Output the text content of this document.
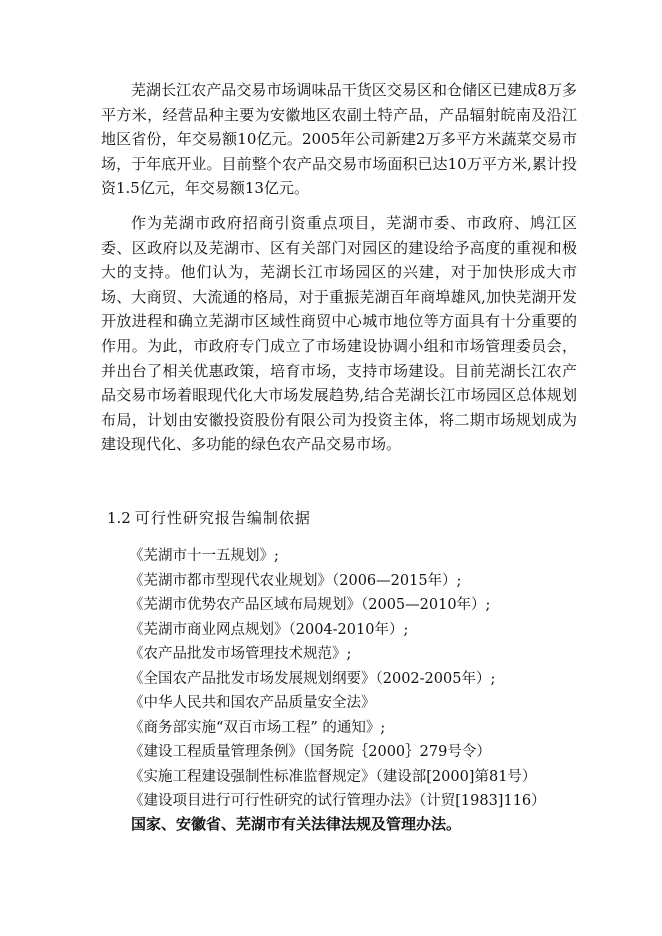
芜湖长江农产品交易市场调味品干货区交易区和仓储区已建成8万多平方米，经营品种主要为安徽地区农副土特产品，产品辐射皖南及沿江地区省份，年交易额10亿元。2005年公司新建2万多平方米蔬菜交易市场，于年底开业。目前整个农产品交易市场面积已达10万平方米,累计投资1.5亿元，年交易额13亿元。

作为芜湖市政府招商引资重点项目，芜湖市委、市政府、鸠江区委、区政府以及芜湖市、区有关部门对园区的建设给予高度的重视和极大的支持。他们认为，芜湖长江市场园区的兴建，对于加快形成大市场、大商贸、大流通的格局，对于重振芜湖百年商埠雄风,加快芜湖开发开放进程和确立芜湖市区域性商贸中心城市地位等方面具有十分重要的作用。为此，市政府专门成立了市场建设协调小组和市场管理委员会，并出台了相关优惠政策，培育市场，支持市场建设。目前芜湖长江农产品交易市场着眼现代化大市场发展趋势,结合芜湖长江市场园区总体规划布局，计划由安徽投资股份有限公司为投资主体，将二期市场规划成为建设现代化、多功能的绿色农产品交易市场。

1.2 可行性研究报告编制依据

《芜湖市十一五规划》;
《芜湖市都市型现代农业规划》（2006—2015年）;
《芜湖市优势农产品区域布局规划》（2005—2010年）;
《芜湖市商业网点规划》（2004-2010年）;
《农产品批发市场管理技术规范》;
《全国农产品批发市场发展规划纲要》（2002-2005年）;
《中华人民共和国农产品质量安全法》
《商务部实施“双百市场工程” 的通知》;
《建设工程质量管理条例》（国务院｛2000｝279号令）
《实施工程建设强制性标准监督规定》（建设部[2000]第81号）
《建设项目进行可行性研究的试行管理办法》（计贸[1983]116）

国家、安徽省、芜湖市有关法律法规及管理办法。
